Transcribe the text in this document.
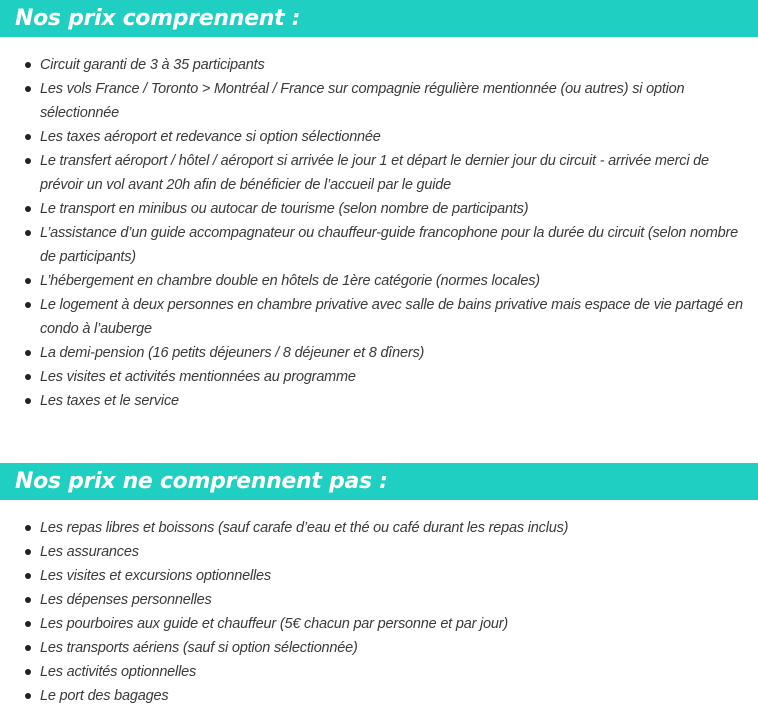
Nos prix comprennent :
Circuit garanti de 3 à 35 participants
Les vols France / Toronto > Montréal / France sur compagnie régulière mentionnée (ou autres) si option sélectionnée
Les taxes aéroport et redevance si option sélectionnée
Le transfert aéroport / hôtel / aéroport si arrivée le jour 1 et départ le dernier jour du circuit - arrivée merci de prévoir un vol avant 20h afin de bénéficier de l’accueil par le guide
Le transport en minibus ou autocar de tourisme (selon nombre de participants)
L’assistance d’un guide accompagnateur ou chauffeur-guide francophone pour la durée du circuit (selon nombre de participants)
L’hébergement en chambre double en hôtels de 1ère catégorie (normes locales)
Le logement à deux personnes en chambre privative avec salle de bains privative mais espace de vie partagé en condo à l’auberge
La demi-pension (16 petits déjeuners / 8 déjeuner et 8 dîners)
Les visites et activités mentionnées au programme
Les taxes et le service
Nos prix ne comprennent pas :
Les repas libres et boissons (sauf carafe d’eau et thé ou café durant les repas inclus)
Les assurances
Les visites et excursions optionnelles
Les dépenses personnelles
Les pourboires aux guide et chauffeur (5€ chacun par personne et par jour)
Les transports aériens (sauf si option sélectionnée)
Les activités optionnelles
Le port des bagages
